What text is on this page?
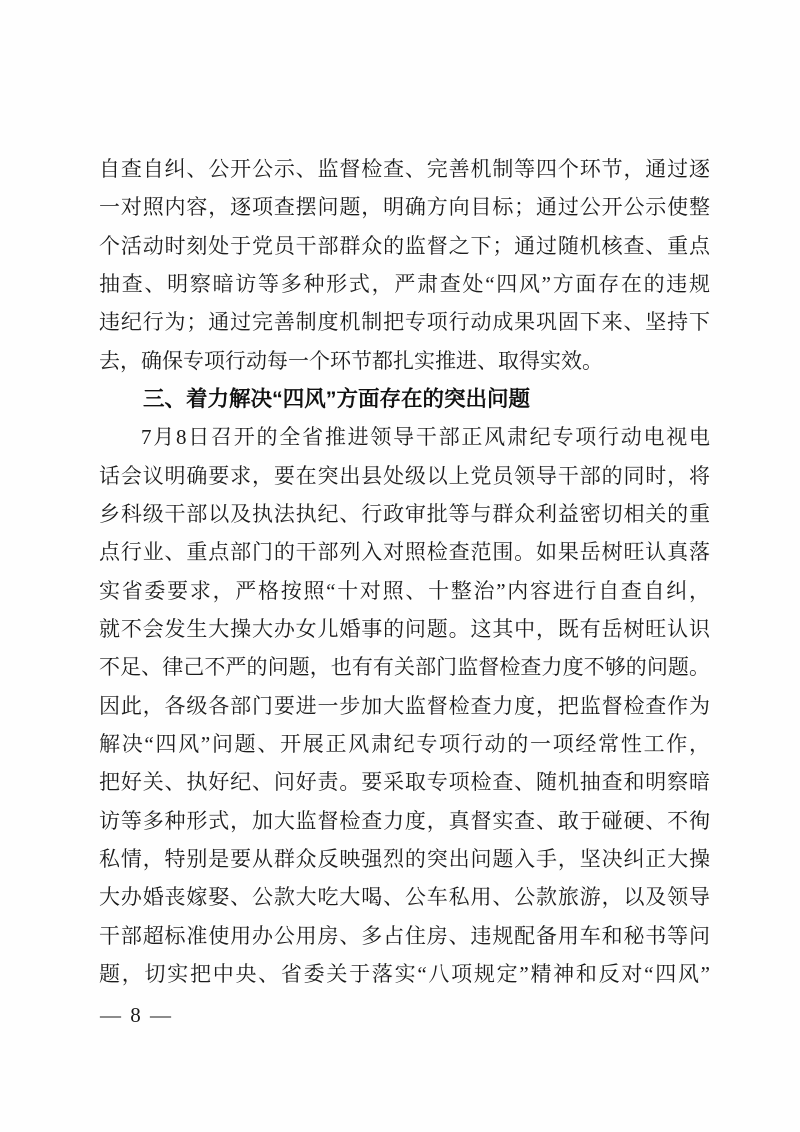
自查自纠、公开公示、监督检查、完善机制等四个环节，通过逐
一对照内容，逐项查摆问题，明确方向目标；通过公开公示使整
个活动时刻处于党员干部群众的监督之下；通过随机核查、重点
抽查、明察暗访等多种形式，严肃查处“四风”方面存在的违规
违纪行为；通过完善制度机制把专项行动成果巩固下来、坚持下
去，确保专项行动每一个环节都扎实推进、取得实效。
三、着力解决“四风”方面存在的突出问题
7月8日召开的全省推进领导干部正风肃纪专项行动电视电
话会议明确要求，要在突出县处级以上党员领导干部的同时，将
乡科级干部以及执法执纪、行政审批等与群众利益密切相关的重
点行业、重点部门的干部列入对照检查范围。如果岳树旺认真落
实省委要求，严格按照“十对照、十整治”内容进行自查自纠，
就不会发生大操大办女儿婚事的问题。这其中，既有岳树旺认识
不足、律己不严的问题，也有有关部门监督检查力度不够的问题。
因此，各级各部门要进一步加大监督检查力度，把监督检查作为
解决“四风”问题、开展正风肃纪专项行动的一项经常性工作，
把好关、执好纪、问好责。要采取专项检查、随机抽查和明察暗
访等多种形式，加大监督检查力度，真督实查、敢于碰硬、不徇
私情，特别是要从群众反映强烈的突出问题入手，坚决纠正大操
大办婚丧嫁娶、公款大吃大喝、公车私用、公款旅游，以及领导
干部超标准使用办公用房、多占住房、违规配备用车和秘书等问
题，切实把中央、省委关于落实“八项规定”精神和反对“四风”
— 8 —
